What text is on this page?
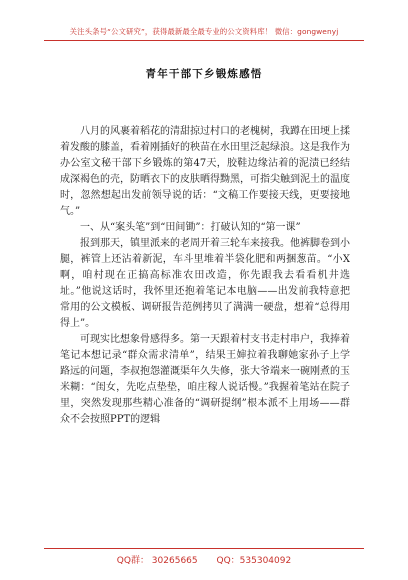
关注头条号“公文研究”，获得最新最全最专业的公文资料库！ 微信：gongwenyj
青年干部下乡锻炼感悟

八月的风裹着稻花的清甜掠过村口的老槐树，我蹲在田埂上揉着发酸的膝盖，看着刚插好的秧苗在水田里泛起绿浪。这是我作为办公室文秘干部下乡锻炼的第47天，胶鞋边缘沾着的泥渍已经结成深褐色的壳，防晒衣下的皮肤晒得黝黑，可指尖触到泥土的温度时，忽然想起出发前领导说的话：“文稿工作要接天线，更要接地气。”

一、从“案头笔”到“田间锄”：打破认知的“第一课”

报到那天，镇里派来的老周开着三轮车来接我。他裤脚卷到小腿，裤管上还沾着新泥，车斗里堆着半袋化肥和两捆葱苗。“小X啊，咱村现在正搞高标准农田改造，你先跟我去看看机井选址。”他说这话时，我怀里还抱着笔记本电脑——出发前我特意把常用的公文模板、调研报告范例拷贝了满满一硬盘，想着“总得用得上”。

可现实比想象骨感得多。第一天跟着村支书走村串户，我捧着笔记本想记录“群众需求清单”，结果王婶拉着我聊她家孙子上学路远的问题，李叔抱怨灌溉渠年久失修，张大爷端来一碗刚煮的玉米糊：“闺女，先吃点垫垫，咱庄稼人说话慢。”我握着笔站在院子里，突然发现那些精心准备的“调研提纲”根本派不上用场——群众不会按照PPT的逻辑

QQ群： 30265665 QQ：535304092
